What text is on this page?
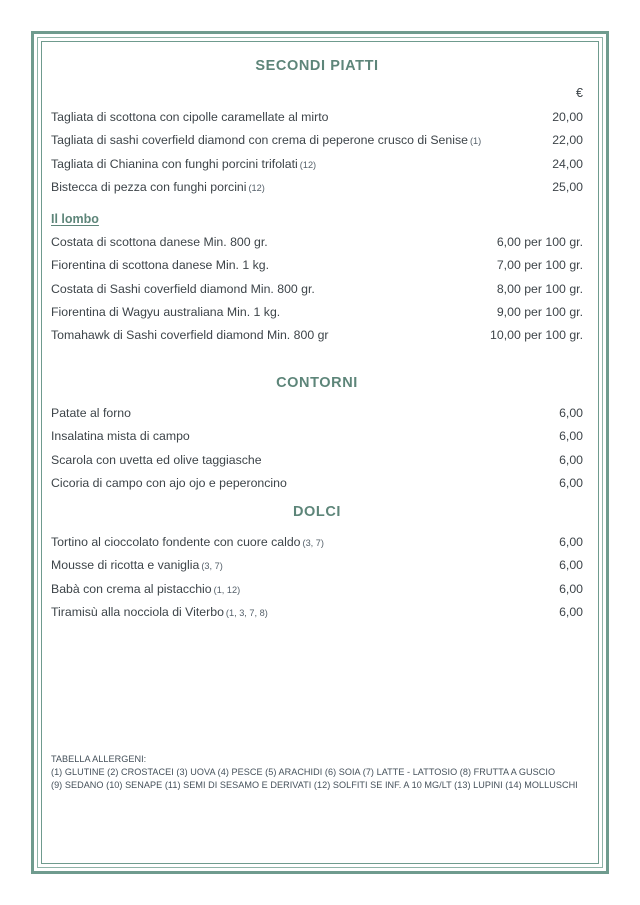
SECONDI PIATTI
€
Tagliata di scottona con cipolle caramellate al mirto	20,00
Tagliata di sashi coverfield diamond con crema di peperone crusco di Senise (1)	22,00
Tagliata di Chianina con funghi porcini trifolati (12)	24,00
Bistecca di pezza con funghi porcini (12)	25,00
Il lombo
Costata di scottona danese Min. 800 gr.	6,00 per 100 gr.
Fiorentina di scottona danese Min. 1 kg.	7,00 per 100 gr.
Costata di Sashi coverfield diamond Min. 800 gr.	8,00 per 100 gr.
Fiorentina di Wagyu australiana Min. 1 kg.	9,00 per 100 gr.
Tomahawk di Sashi coverfield diamond Min. 800 gr	10,00 per 100 gr.
CONTORNI
Patate al forno	6,00
Insalatina mista di campo	6,00
Scarola con uvetta ed olive taggiasche	6,00
Cicoria di campo con ajo ojo e peperoncino	6,00
DOLCI
Tortino al cioccolato fondente con cuore caldo (3, 7)	6,00
Mousse di ricotta e vaniglia (3, 7)	6,00
Babà con crema al pistacchio (1, 12)	6,00
Tiramisù alla nocciola di Viterbo (1, 3, 7, 8)	6,00
TABELLA ALLERGENI:
(1) GLUTINE (2) CROSTACEI (3) UOVA (4) PESCE (5) ARACHIDI (6) SOIA (7) LATTE - LATTOSIO (8) FRUTTA A GUSCIO
(9) SEDANO (10) SENAPE (11) SEMI DI SESAMO E DERIVATI (12) SOLFITI SE INF. A 10 MG/LT (13) LUPINI (14) MOLLUSCHI
